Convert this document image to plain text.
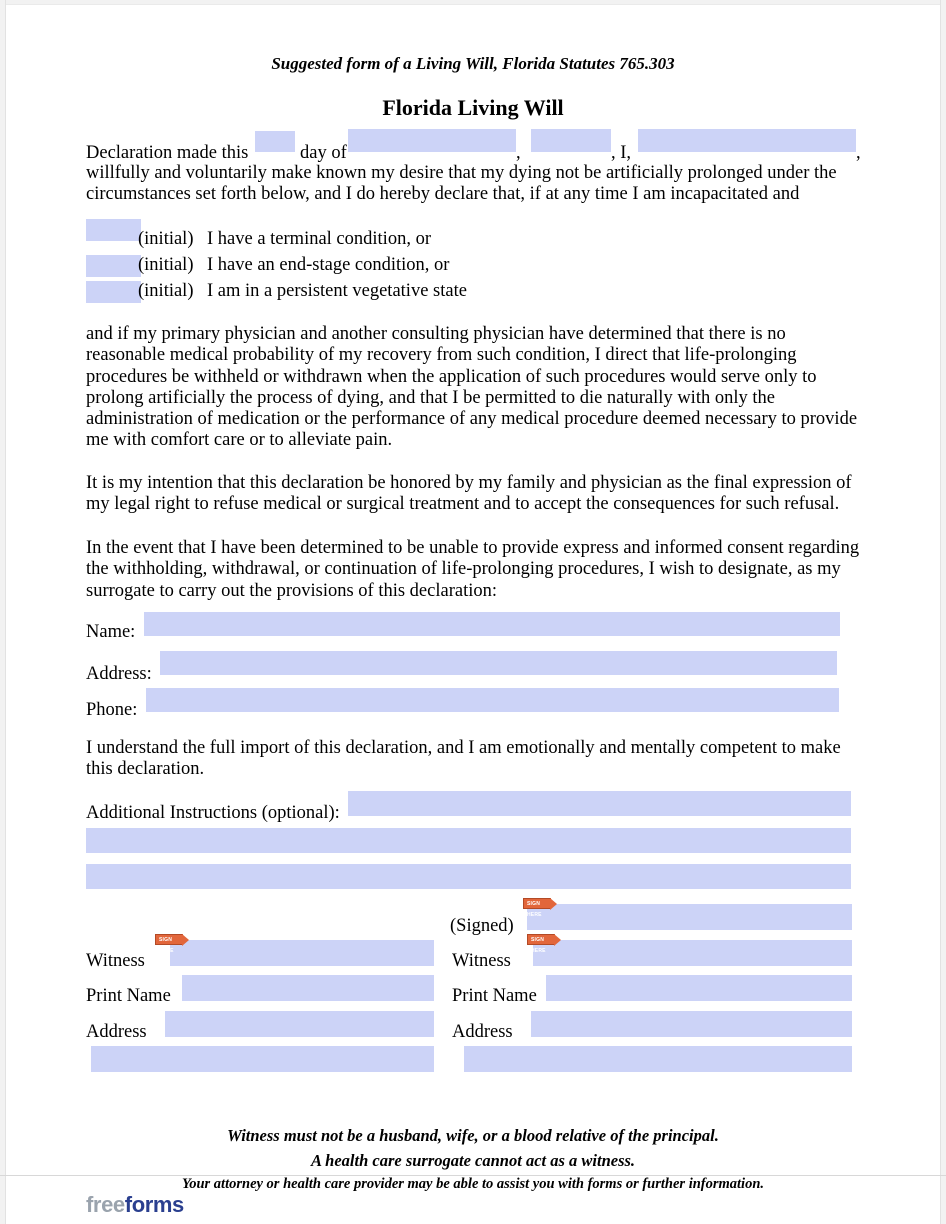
Suggested form of a Living Will, Florida Statutes 765.303
Florida Living Will
Declaration made this	day of	,	, I,	,
willfully and voluntarily make known my desire that my dying not be artificially prolonged under the circumstances set forth below, and I do hereby declare that, if at any time I am incapacitated and
(initial) I have a terminal condition, or
(initial) I have an end-stage condition, or
(initial) I am in a persistent vegetative state
and if my primary physician and another consulting physician have determined that there is no reasonable medical probability of my recovery from such condition, I direct that life-prolonging procedures be withheld or withdrawn when the application of such procedures would serve only to prolong artificially the process of dying, and that I be permitted to die naturally with only the administration of medication or the performance of any medical procedure deemed necessary to provide me with comfort care or to alleviate pain.
It is my intention that this declaration be honored by my family and physician as the final expression of my legal right to refuse medical or surgical treatment and to accept the consequences for such refusal.
In the event that I have been determined to be unable to provide express and informed consent regarding the withholding, withdrawal, or continuation of life-prolonging procedures, I wish to designate, as my surrogate to carry out the provisions of this declaration:
Name:
Address:
Phone:
I understand the full import of this declaration, and I am emotionally and mentally competent to make this declaration.
Additional Instructions (optional):
(Signed)
SIGN HERE
Witness
SIGN HERE
Print Name
Address
Witness
SIGN HERE
Print Name
Address
Witness must not be a husband, wife, or a blood relative of the principal.
A health care surrogate cannot act as a witness.
Your attorney or health care provider may be able to assist you with forms or further information.
freeforms
